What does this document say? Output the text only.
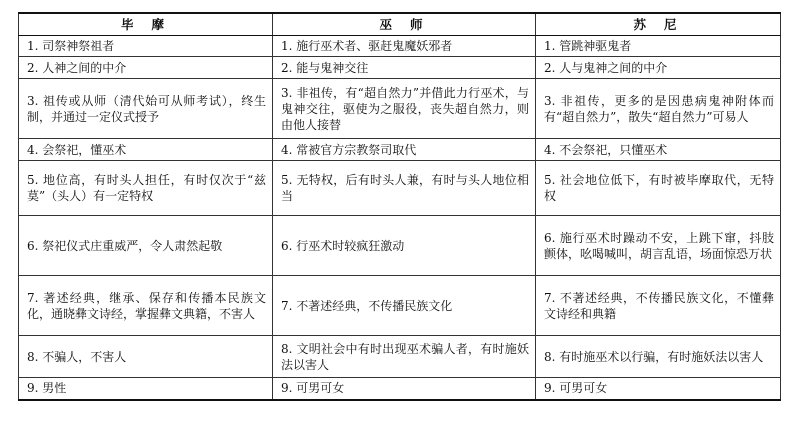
毕摩	巫师	苏尼

1. 司祭神祭祖者	1. 施行巫术者、驱赶鬼魔妖邪者	1. 管跳神驱鬼者

2. 人神之间的中介	2. 能与鬼神交往	2. 人与鬼神之间的中介

3. 祖传或从师（清代始可从师考试），终生制，并通过一定仪式授予	3. 非祖传，有“超自然力”并借此力行巫术，与鬼神交往，驱使为之服役，丧失超自然力，则由他人接替	3. 非祖传，更多的是因患病鬼神附体而有“超自然力”，散失“超自然力”可易人

4. 会祭祀，懂巫术	4. 常被官方宗教祭司取代	4. 不会祭祀，只懂巫术

5. 地位高，有时头人担任，有时仅次于“兹莫”（头人）有一定特权	5. 无特权，后有时头人兼，有时与头人地位相当	5. 社会地位低下，有时被毕摩取代，无特权

6. 祭祀仪式庄重威严，令人肃然起敬	6. 行巫术时较疯狂激动	6. 施行巫术时躁动不安，上跳下窜，抖肢颤体，吆喝喊叫，胡言乱语，场面惊恐万状

7. 著述经典，继承、保存和传播本民族文化，通晓彝文诗经，掌握彝文典籍，不害人	7. 不著述经典，不传播民族文化	7. 不著述经典，不传播民族文化，不懂彝文诗经和典籍

8. 不骗人，不害人	8. 文明社会中有时出现巫术骗人者，有时施妖法以害人	8. 有时施巫术以行骗，有时施妖法以害人

9. 男性	9. 可男可女	9. 可男可女
